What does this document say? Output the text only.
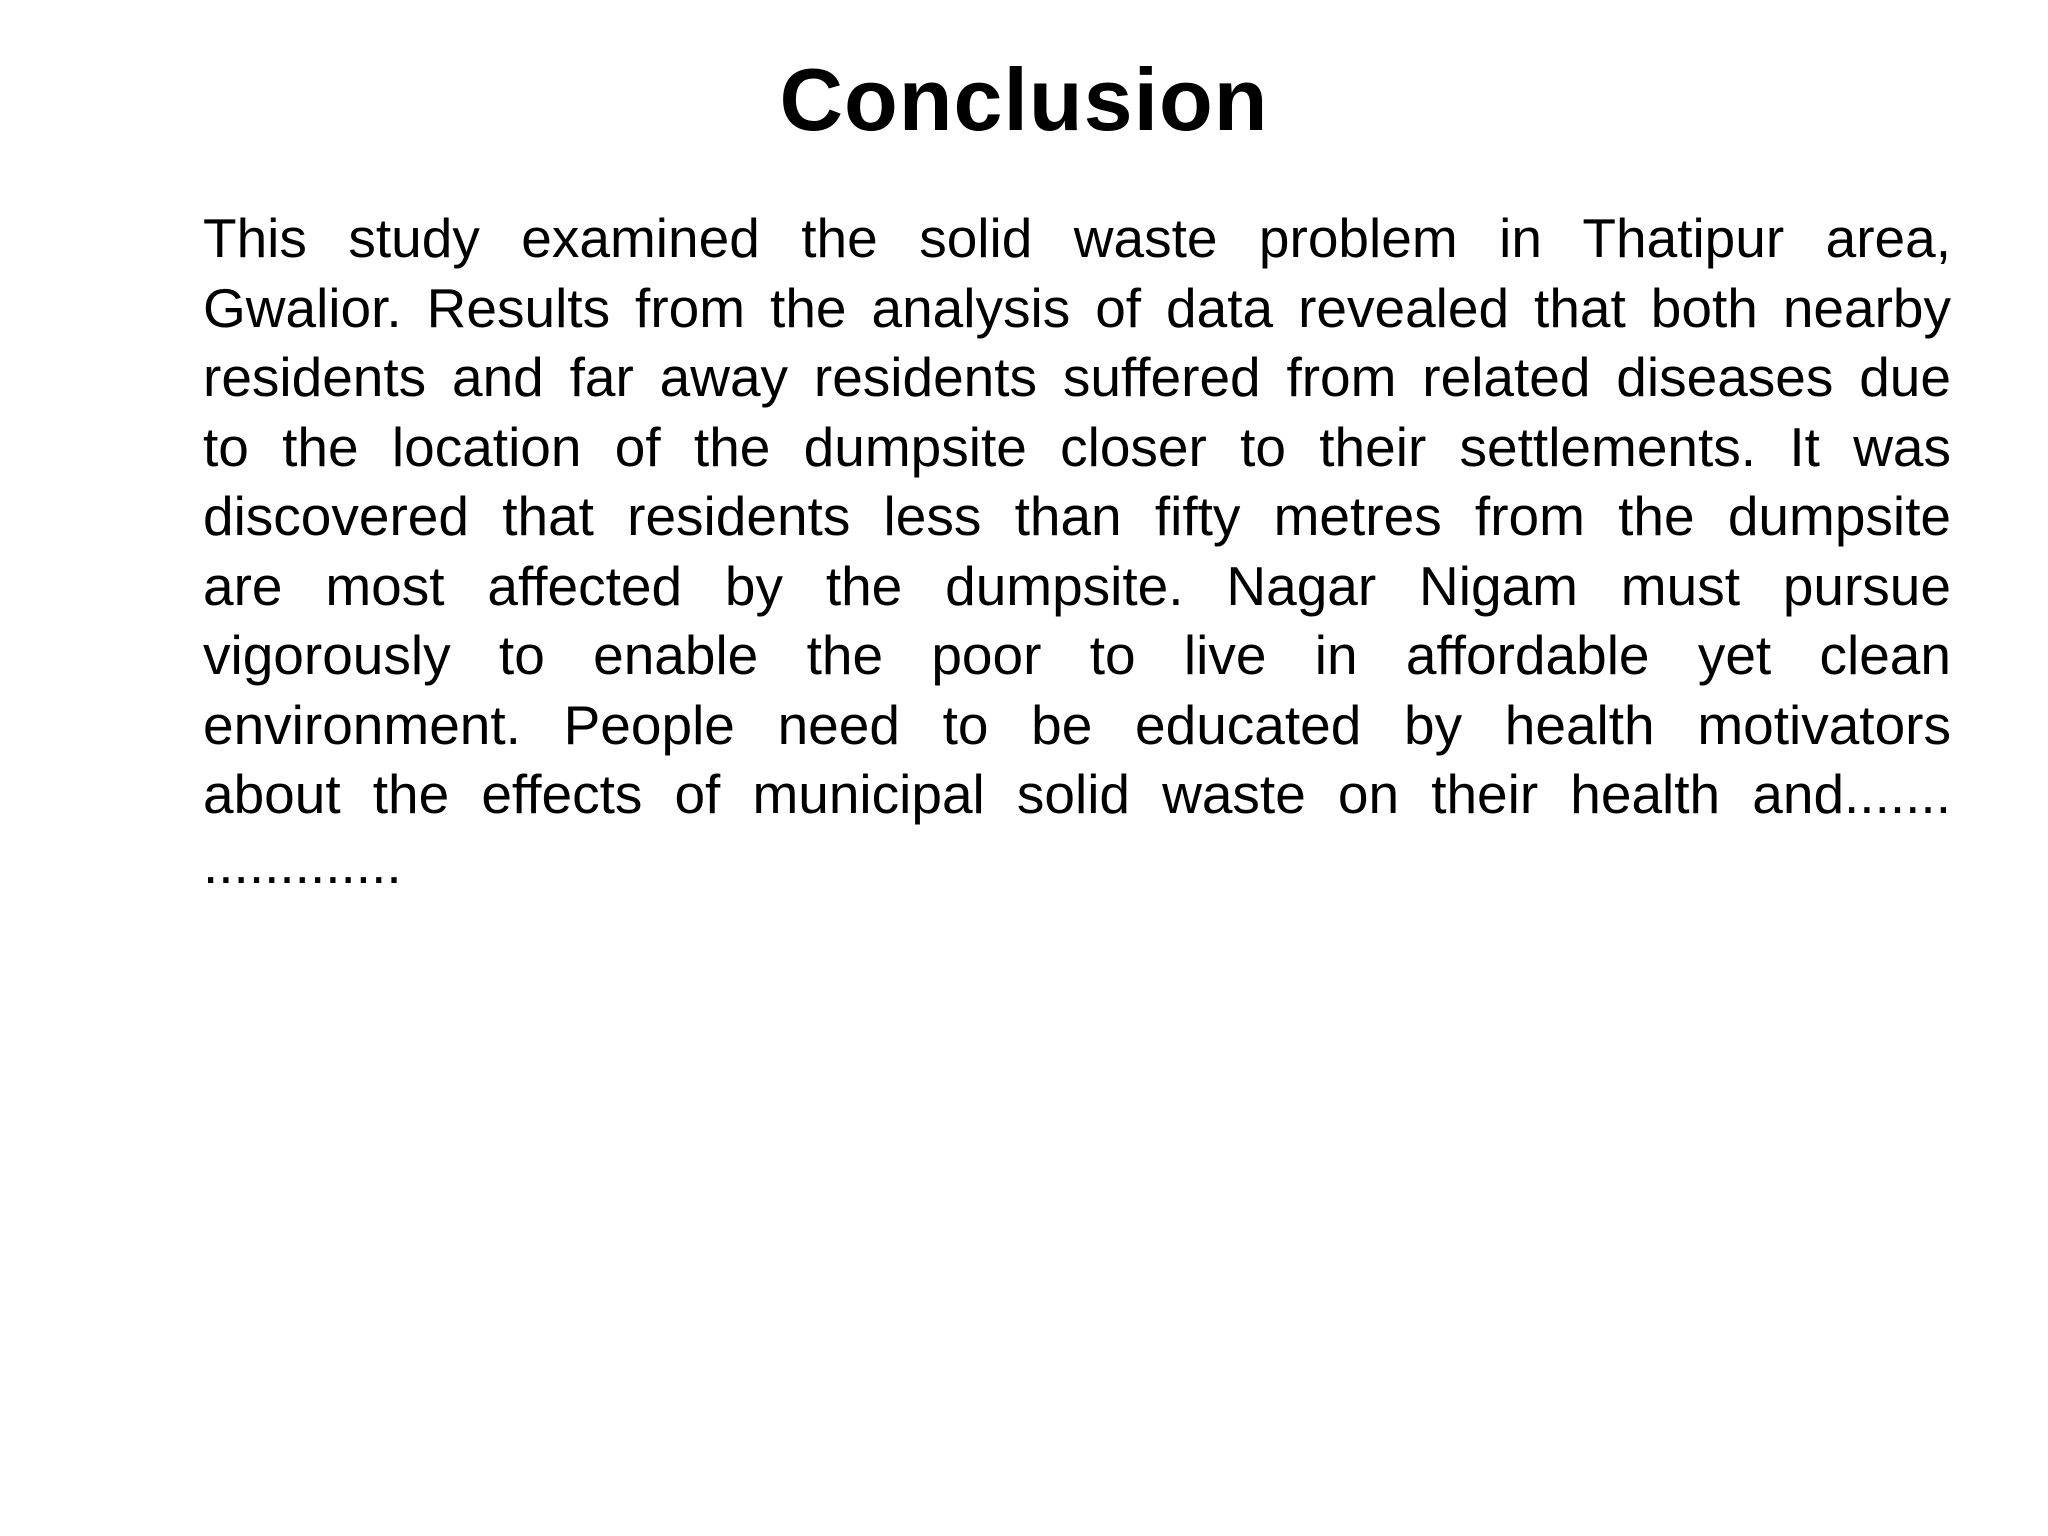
Conclusion
This study examined the solid waste problem in Thatipur area,
Gwalior. Results from the analysis of data revealed that both nearby
residents and far away residents suffered from related diseases due
to the location of the dumpsite closer to their settlements. It was
discovered that residents less than fifty metres from the dumpsite
are most affected by the dumpsite. Nagar Nigam must pursue
vigorously to enable the poor to live in affordable yet clean
environment. People need to be educated by health motivators
about the effects of municipal solid waste on their health and.......
.............
